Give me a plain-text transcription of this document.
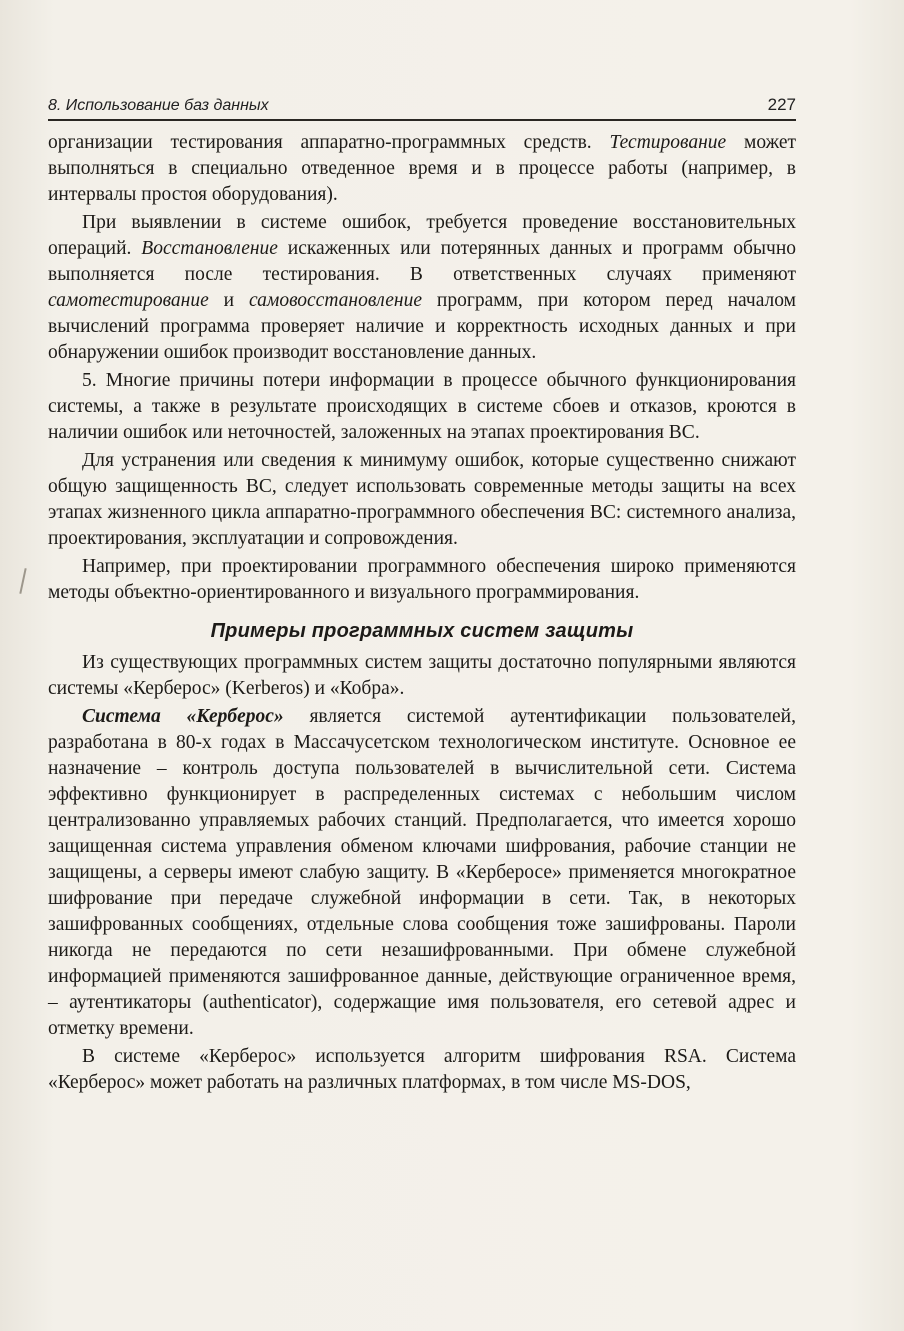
8. Использование баз данных	227

организации тестирования аппаратно-программных средств. Тестирование может выполняться в специально отведенное время и в процессе работы (например, в интервалы простоя оборудования).

При выявлении в системе ошибок, требуется проведение восстановительных операций. Восстановление искаженных или потерянных данных и программ обычно выполняется после тестирования. В ответственных случаях применяют самотестирование и самовосстановление программ, при котором перед началом вычислений программа проверяет наличие и корректность исходных данных и при обнаружении ошибок производит восстановление данных.

5. Многие причины потери информации в процессе обычного функционирования системы, а также в результате происходящих в системе сбоев и отказов, кроются в наличии ошибок или неточностей, заложенных на этапах проектирования ВС.

Для устранения или сведения к минимуму ошибок, которые существенно снижают общую защищенность ВС, следует использовать современные методы защиты на всех этапах жизненного цикла аппаратно-программного обеспечения ВС: системного анализа, проектирования, эксплуатации и сопровождения.

Например, при проектировании программного обеспечения широко применяются методы объектно-ориентированного и визуального программирования.

Примеры программных систем защиты

Из существующих программных систем защиты достаточно популярными являются системы «Керберос» (Kerberos) и «Кобра».

Система «Керберос» является системой аутентификации пользователей, разработана в 80-х годах в Массачусетском технологическом институте. Основное ее назначение – контроль доступа пользователей в вычислительной сети. Система эффективно функционирует в распределенных системах с небольшим числом централизованно управляемых рабочих станций. Предполагается, что имеется хорошо защищенная система управления обменом ключами шифрования, рабочие станции не защищены, а серверы имеют слабую защиту. В «Керберосе» применяется многократное шифрование при передаче служебной информации в сети. Так, в некоторых зашифрованных сообщениях, отдельные слова сообщения тоже зашифрованы. Пароли никогда не передаются по сети незашифрованными. При обмене служебной информацией применяются зашифрованное данные, действующие ограниченное время, – аутентикаторы (authenticator), содержащие имя пользователя, его сетевой адрес и отметку времени.

В системе «Керберос» используется алгоритм шифрования RSA. Система «Керберос» может работать на различных платформах, в том числе MS-DOS,
